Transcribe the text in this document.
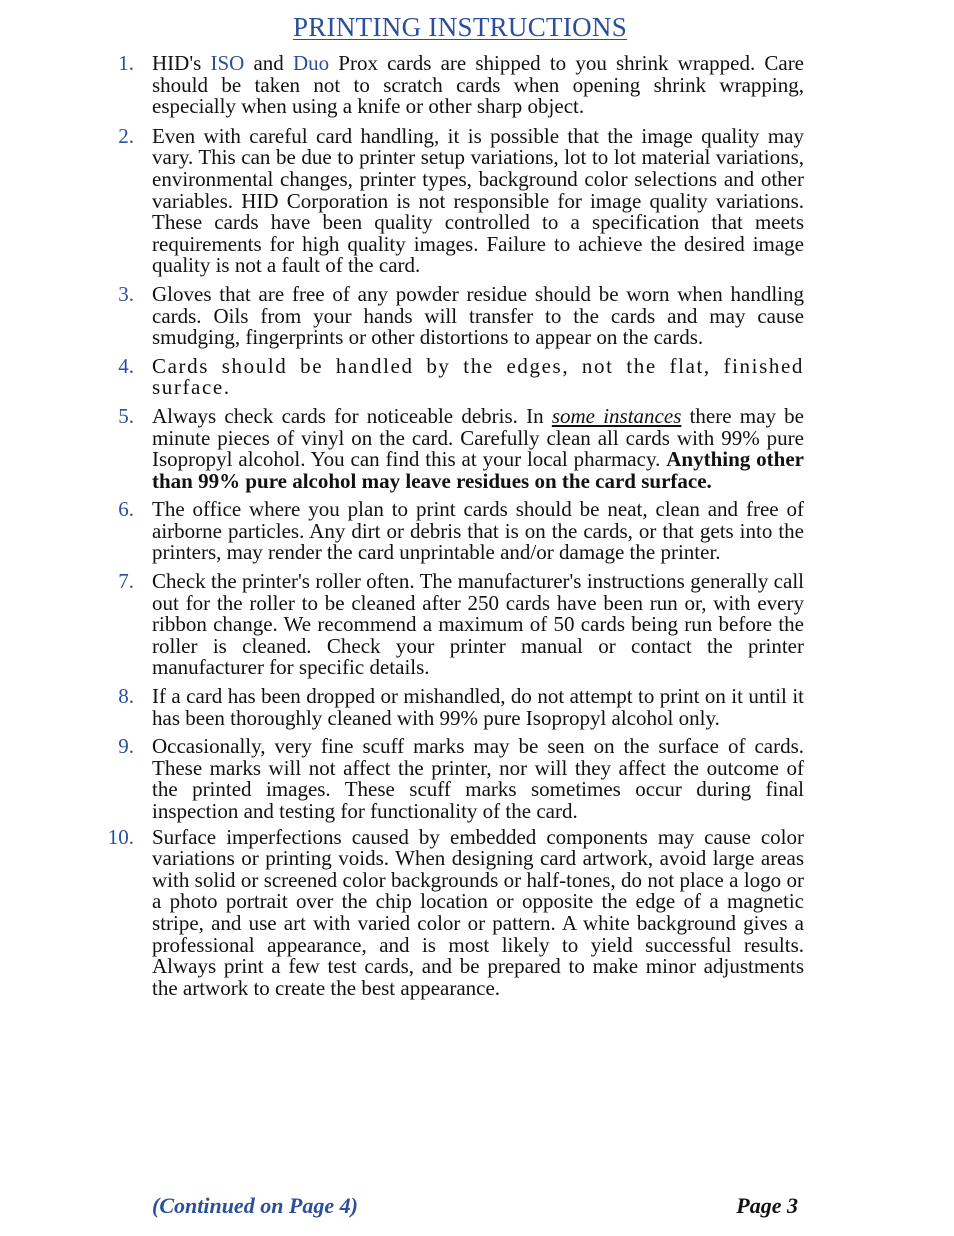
PRINTING INSTRUCTIONS
1. HID's ISO and Duo Prox cards are shipped to you shrink wrapped. Care should be taken not to scratch cards when opening shrink wrapping, especially when using a knife or other sharp object.
2. Even with careful card handling, it is possible that the image quality may vary. This can be due to printer setup variations, lot to lot material variations, environmental changes, printer types, background color selections and other variables. HID Corporation is not responsible for image quality variations. These cards have been quality controlled to a specification that meets requirements for high quality images. Failure to achieve the desired image quality is not a fault of the card.
3. Gloves that are free of any powder residue should be worn when handling cards. Oils from your hands will transfer to the cards and may cause smudging, fingerprints or other distortions to appear on the cards.
4. Cards should be handled by the edges, not the flat, finished surface.
5. Always check cards for noticeable debris. In some instances there may be minute pieces of vinyl on the card. Carefully clean all cards with 99% pure Isopropyl alcohol. You can find this at your local pharmacy. Anything other than 99% pure alcohol may leave residues on the card surface.
6. The office where you plan to print cards should be neat, clean and free of airborne particles. Any dirt or debris that is on the cards, or that gets into the printers, may render the card unprintable and/or damage the printer.
7. Check the printer's roller often. The manufacturer's instructions generally call out for the roller to be cleaned after 250 cards have been run or, with every ribbon change. We recommend a maximum of 50 cards being run before the roller is cleaned. Check your printer manual or contact the printer manufacturer for specific details.
8. If a card has been dropped or mishandled, do not attempt to print on it until it has been thoroughly cleaned with 99% pure Isopropyl alcohol only.
9. Occasionally, very fine scuff marks may be seen on the surface of cards. These marks will not affect the printer, nor will they affect the outcome of the printed images. These scuff marks sometimes occur during final inspection and testing for functionality of the card.
10. Surface imperfections caused by embedded components may cause color variations or printing voids. When designing card artwork, avoid large areas with solid or screened color backgrounds or half-tones, do not place a logo or a photo portrait over the chip location or opposite the edge of a magnetic stripe, and use art with varied color or pattern. A white background gives a professional appearance, and is most likely to yield successful results. Always print a few test cards, and be prepared to make minor adjustments the artwork to create the best appearance.
(Continued on Page 4)	Page 3
